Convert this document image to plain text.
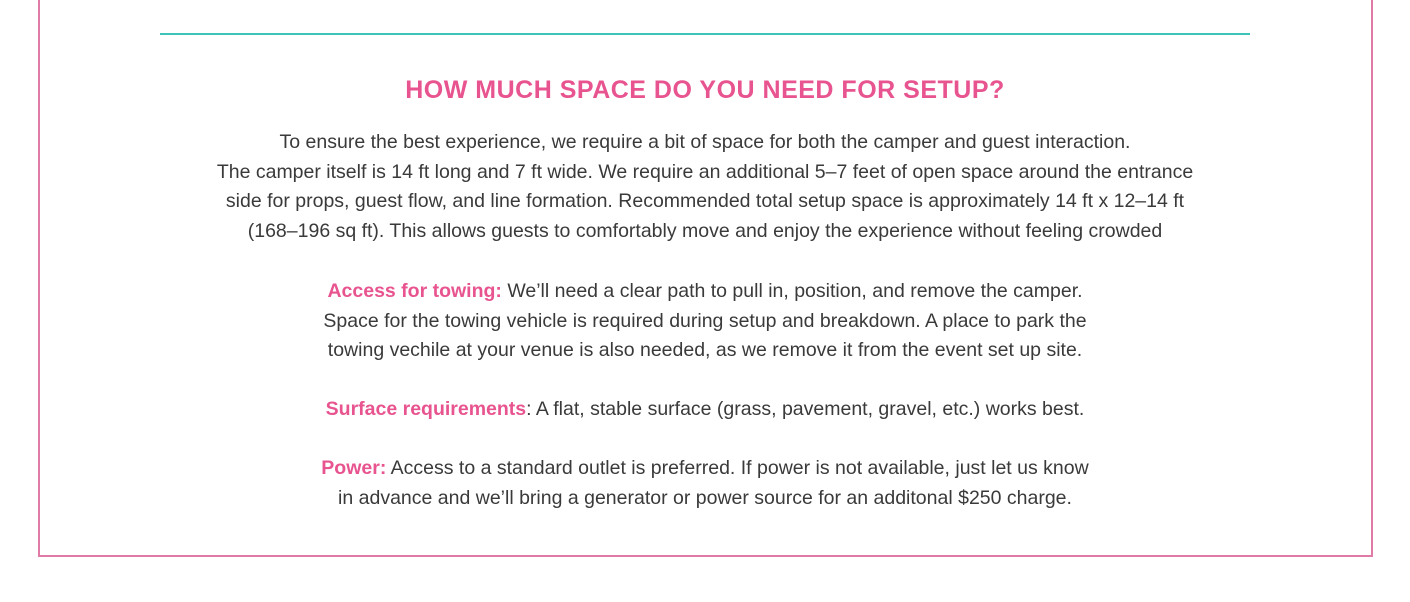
HOW MUCH SPACE DO YOU NEED FOR SETUP?

To ensure the best experience, we require a bit of space for both the camper and guest interaction.
The camper itself is 14 ft long and 7 ft wide. We require an additional 5–7 feet of open space around the entrance
side for props, guest flow, and line formation. Recommended total setup space is approximately 14 ft x 12–14 ft
(168–196 sq ft). This allows guests to comfortably move and enjoy the experience without feeling crowded

Access for towing: We’ll need a clear path to pull in, position, and remove the camper.
Space for the towing vehicle is required during setup and breakdown. A place to park the
towing vechile at your venue is also needed, as we remove it from the event set up site.

Surface requirements: A flat, stable surface (grass, pavement, gravel, etc.) works best.

Power: Access to a standard outlet is preferred. If power is not available, just let us know
in advance and we’ll bring a generator or power source for an additonal $250 charge.
